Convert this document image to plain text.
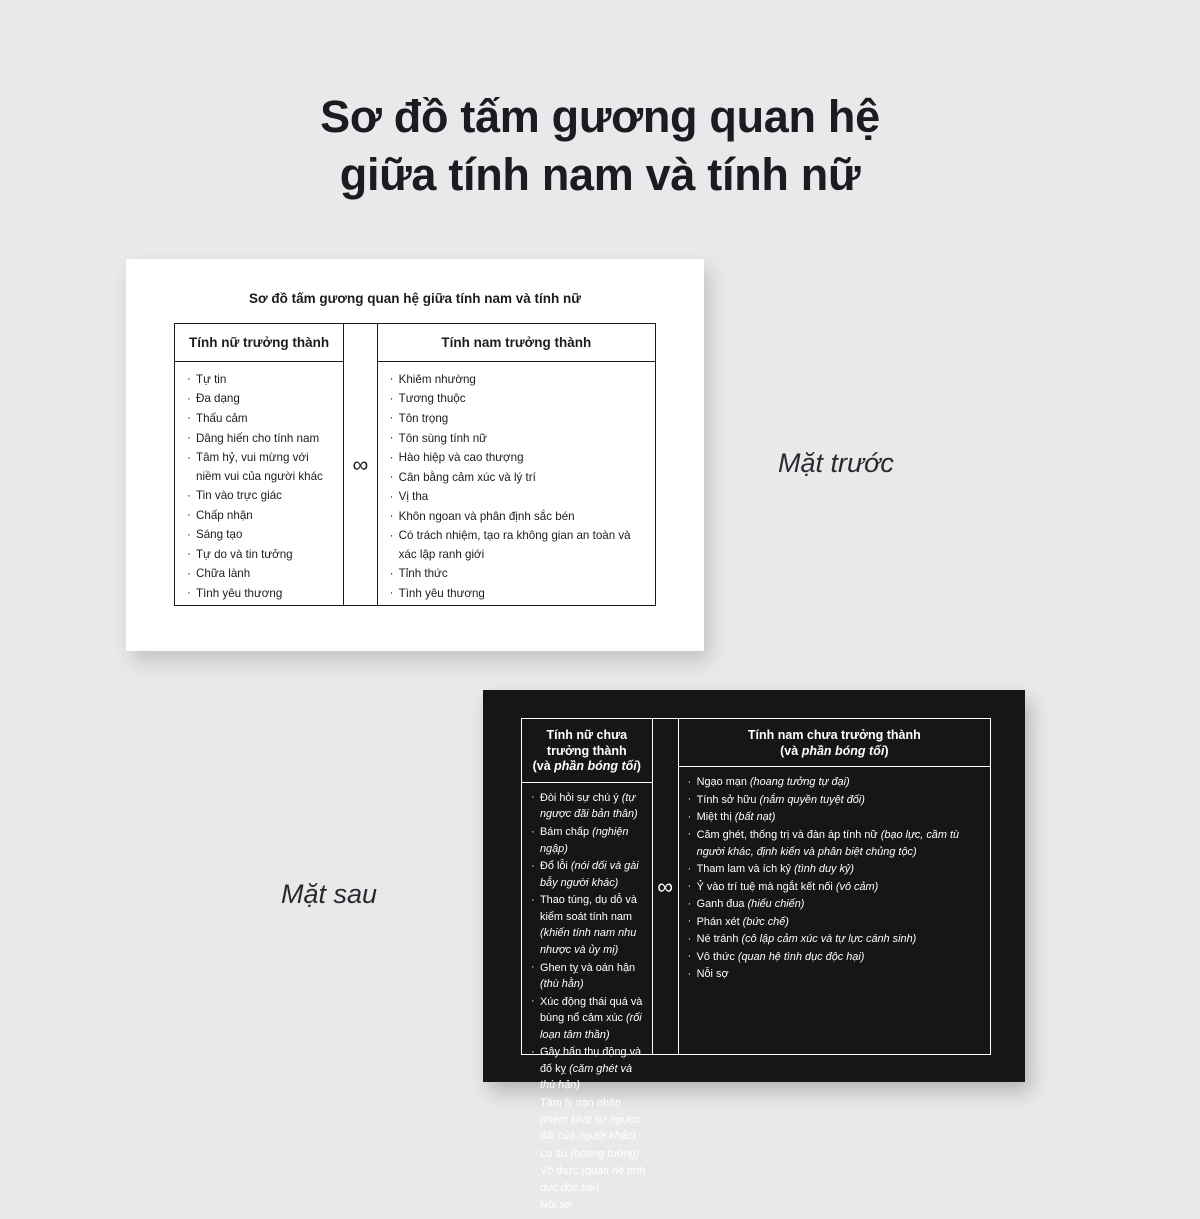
Sơ đồ tấm gương quan hệ
giữa tính nam và tính nữ
Sơ đồ tấm gương quan hệ giữa tính nam và tính nữ
Tính nữ trưởng thành
· Tự tin
· Đa dạng
· Thấu cảm
· Dâng hiến cho tính nam
· Tâm hỷ, vui mừng với niềm vui của người khác
· Tin vào trực giác
· Chấp nhận
· Sáng tạo
· Tự do và tin tưởng
· Chữa lành
· Tình yêu thương
∞
Tính nam trưởng thành
· Khiêm nhường
· Tương thuộc
· Tôn trọng
· Tôn sùng tính nữ
· Hào hiệp và cao thượng
· Cân bằng cảm xúc và lý trí
· Vị tha
· Khôn ngoan và phân định sắc bén
· Có trách nhiệm, tạo ra không gian an toàn và xác lập ranh giới
· Tỉnh thức
· Tình yêu thương
Mặt trước
Tính nữ chưa trưởng thành
(và phần bóng tối)
· Đòi hỏi sự chú ý (tự ngược đãi bản thân)
· Bám chấp (nghiện ngập)
· Đổ lỗi (nói dối và gài bẫy người khác)
· Thao túng, dụ dỗ và kiểm soát tính nam (khiến tính nam nhu nhược và ủy mị)
· Ghen tỵ và oán hận (thù hằn)
· Xúc động thái quá và bùng nổ cảm xúc (rối loạn tâm thần)
· Gây hấn thụ động và đố kỵ (căm ghét và thù hận)
· Tâm lý nạn nhân (thèm khát sự ngược đãi của người khác)
· Lo âu (hoang tưởng)
· Vô thức (quan hệ tình dục độc hại)
· Nỗi sợ
∞
Tính nam chưa trưởng thành
(và phần bóng tối)
· Ngạo mạn (hoang tưởng tự đại)
· Tính sở hữu (nắm quyền tuyệt đối)
· Miệt thị (bất nạt)
· Căm ghét, thống trị và đàn áp tính nữ (bạo lực, cầm tù người khác, định kiến và phân biệt chủng tộc)
· Tham lam và ích kỷ (tình duy kỷ)
· Ỷ vào trí tuệ mà ngắt kết nối (vô cảm)
· Ganh đua (hiếu chiến)
· Phán xét (bức chế)
· Né tránh (cô lập cảm xúc và tự lực cánh sinh)
· Vô thức (quan hệ tình dục độc hại)
· Nỗi sợ
Mặt sau
